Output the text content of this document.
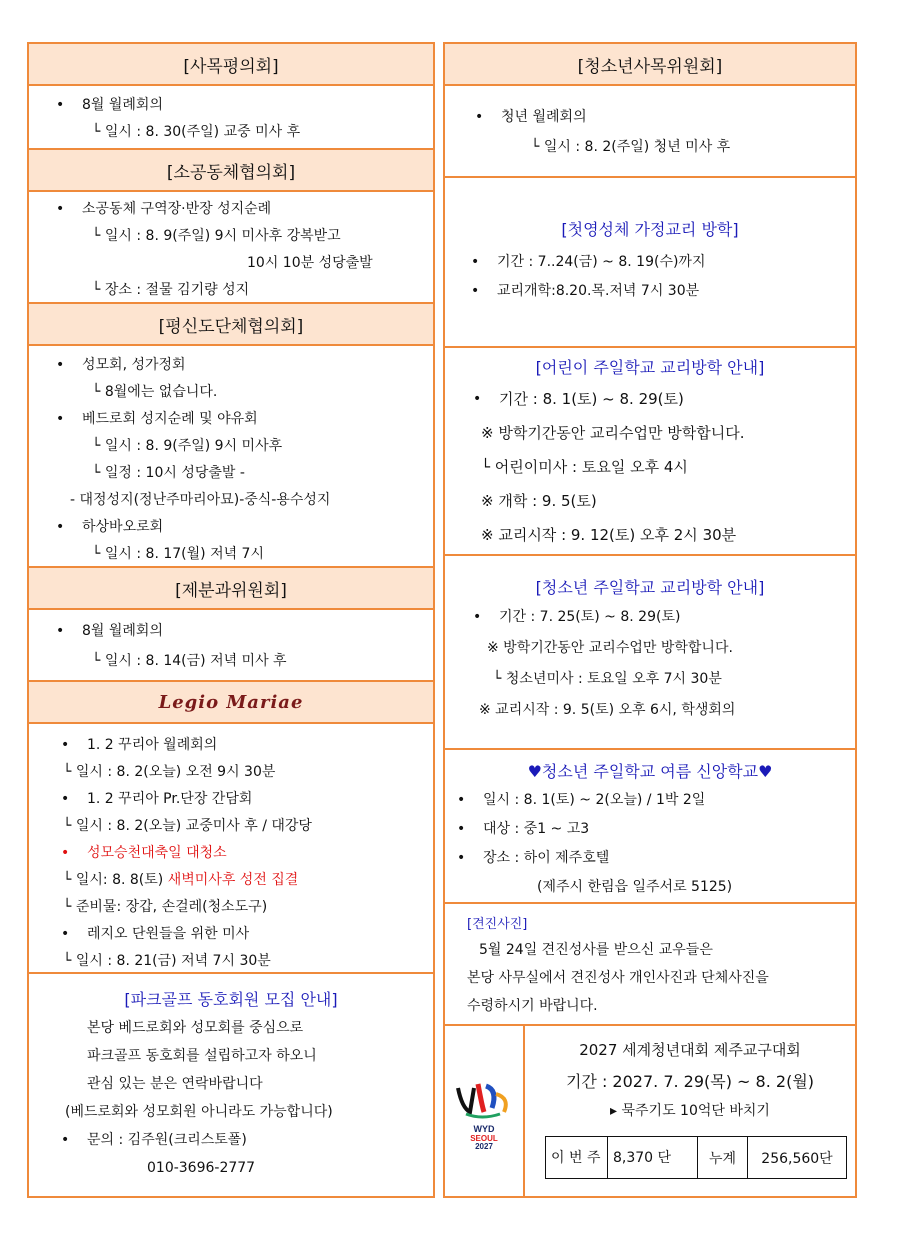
[사목평의회]
• 8월 월례회의
└ 일시 : 8. 30(주일) 교중 미사 후
[소공동체협의회]
• 소공동체 구역장·반장 성지순례
└ 일시 : 8. 9(주일) 9시 미사후 강복받고
10시 10분 성당출발
└ 장소 : 절물 김기량 성지
[평신도단체협의회]
• 성모회, 성가정회
└ 8월에는 없습니다.
• 베드로회 성지순례 및 야유회
└ 일시 : 8. 9(주일) 9시 미사후
└ 일정 : 10시 성당출발 -
- 대정성지(정난주마리아묘)-중식-용수성지
• 하상바오로회
└ 일시 : 8. 17(월) 저녁 7시
[제분과위원회]
• 8월 월례회의
└ 일시 : 8. 14(금) 저녁 미사 후
Legio Mariae
• 1. 2 꾸리아 월례회의
└ 일시 : 8. 2(오늘) 오전 9시 30분
• 1. 2 꾸리아 Pr.단장 간담회
└ 일시 : 8. 2(오늘) 교중미사 후 / 대강당
• 성모승천대축일 대청소
└ 일시: 8. 8(토) 새벽미사후 성전 집결
└ 준비물: 장갑, 손걸레(청소도구)
• 레지오 단원들을 위한 미사
└ 일시 : 8. 21(금) 저녁 7시 30분
[파크골프 동호회원 모집 안내]
본당 베드로회와 성모회를 중심으로
파크골프 동호회를 설립하고자 하오니
관심 있는 분은 연락바랍니다
(베드로회와 성모회원 아니라도 가능합니다)
• 문의 : 김주원(크리스토폴)
010-3696-2777
[청소년사목위원회]
• 청년 월례회의
└ 일시 : 8. 2(주일) 청년 미사 후
[첫영성체 가정교리 방학]
• 기간 : 7..24(금) ~ 8. 19(수)까지
• 교리개학:8.20.목.저녁 7시 30분
[어린이 주일학교 교리방학 안내]
• 기간 : 8. 1(토) ~ 8. 29(토)
※ 방학기간동안 교리수업만 방학합니다.
└ 어린이미사 : 토요일 오후 4시
※ 개학 : 9. 5(토)
※ 교리시작 : 9. 12(토) 오후 2시 30분
[청소년 주일학교 교리방학 안내]
• 기간 : 7. 25(토) ~ 8. 29(토)
※ 방학기간동안 교리수업만 방학합니다.
└ 청소년미사 : 토요일 오후 7시 30분
※ 교리시작 : 9. 5(토) 오후 6시, 학생회의
♥청소년 주일학교 여름 신앙학교♥
• 일시 : 8. 1(토) ~ 2(오늘) / 1박 2일
• 대상 : 중1 ~ 고3
• 장소 : 하이 제주호텔
(제주시 한림읍 일주서로 5125)
[견진사진]
5월 24일 견진성사를 받으신 교우들은
본당 사무실에서 견진성사 개인사진과 단체사진을
수령하시기 바랍니다.
WYD
SEOUL
2027
2027 세계청년대회 제주교구대회
기간 : 2027. 7. 29(목) ~ 8. 2(월)
▸ 묵주기도 10억단 바치기
이 번 주	8,370 단	누계	256,560단
